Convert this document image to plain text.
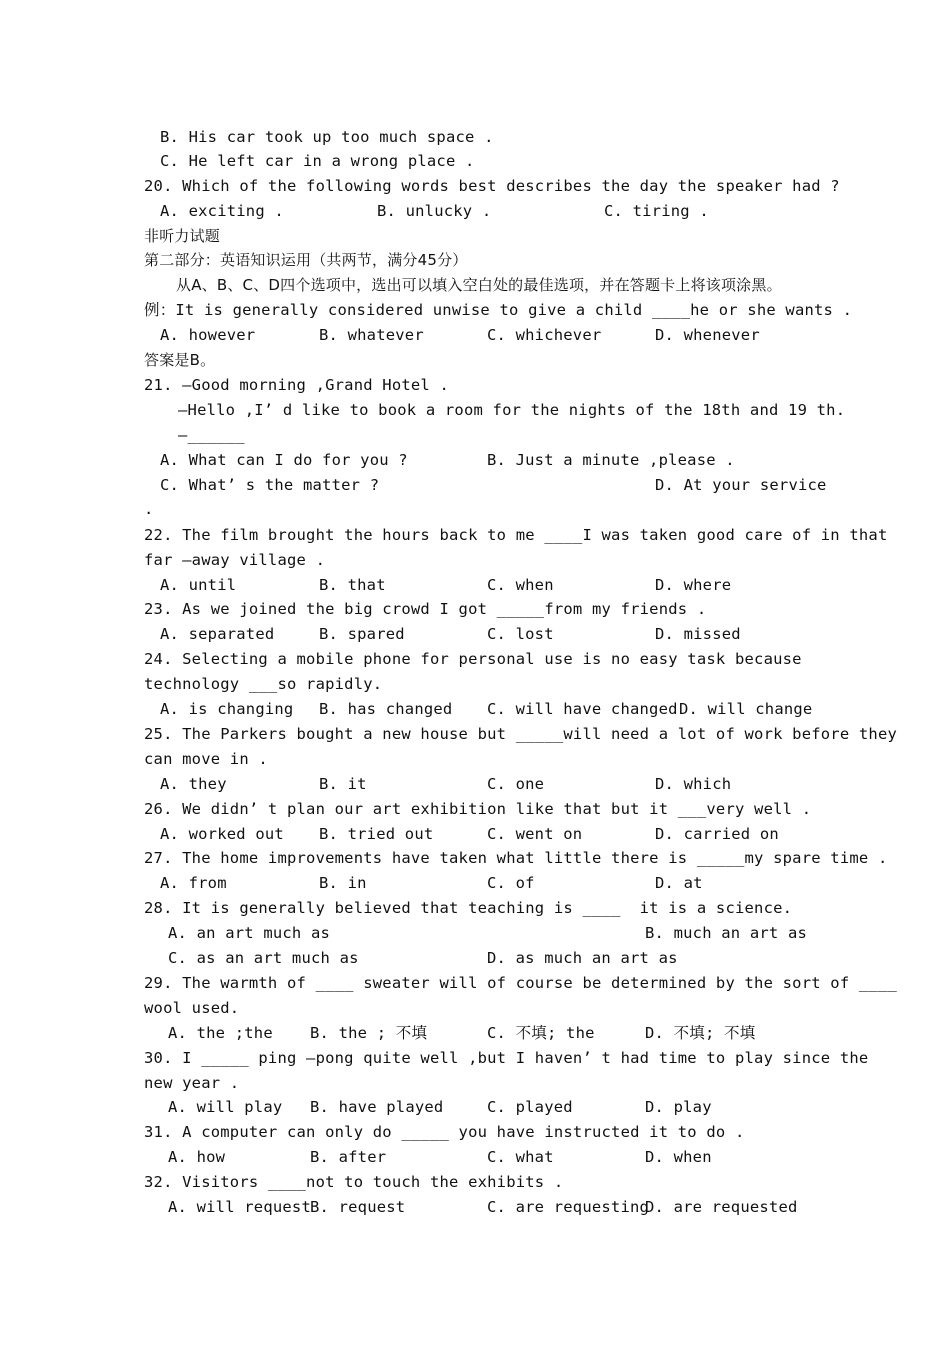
B. His car took up too much space .

C. He left car in a wrong place .

20. Which of the following words best describes the day the speaker had ?

A. exciting .

	B. unlucky .

	C. tiring .

非听力试题

第二部分：英语知识运用（共两节，满分45分）

从A、B、C、D四个选项中，选出可以填入空白处的最佳选项，并在答题卡上将该项涂黑。

例：It is generally considered unwise to give a child ____he or she wants .

A. however

	B. whatever

	C. whichever

	D. whenever

答案是B。

21. —Good morning ,Grand Hotel .

—Hello ,I’ d like to book a room for the nights of the 18th and 19 th.

—______

A. What can I do for you ?

	B. Just a minute ,please .

C. What’ s the matter ?

	D. At your service

.

22. The film brought the hours back to me ____I was taken good care of in that

far –away village .

A. until

	B. that

	C. when

	D. where

23. As we joined the big crowd I got _____from my friends .

A. separated

	B. spared

	C. lost

	D. missed

24. Selecting a mobile phone for personal use is no easy task because

technology ___so rapidly.

A. is changing

B. has changed

C. will have changed

D. will change

25. The Parkers bought a new house but _____will need a lot of work before they

can move in .

A. they

	B. it

	C. one

	D. which

26. We didn’ t plan our art exhibition like that but it ___very well .

A. worked out

B. tried out

	C. went on

	D. carried on

27. The home improvements have taken what little there is _____my spare time .

A. from

	B. in

	C. of

	D. at

28. It is generally believed that teaching is ____  it is a science.

A. an art much as

	B. much an art as

C. as an art much as

	D. as much an art as

29. The warmth of ____ sweater will of course be determined by the sort of ____

wool used.

A. the ;the

B. the ; 不填

	C. 不填; the

	D. 不填; 不填

30. I _____ ping —pong quite well ,but I haven’ t had time to play since the

new year .

A. will play

B. have played

	C. played

	D. play

31. A computer can only do _____ you have instructed it to do .

A. how

	B. after

	C. what

	D. when

32. Visitors ____not to touch the exhibits .

A. will request

B. request

	C. are requesting

D. are requested
